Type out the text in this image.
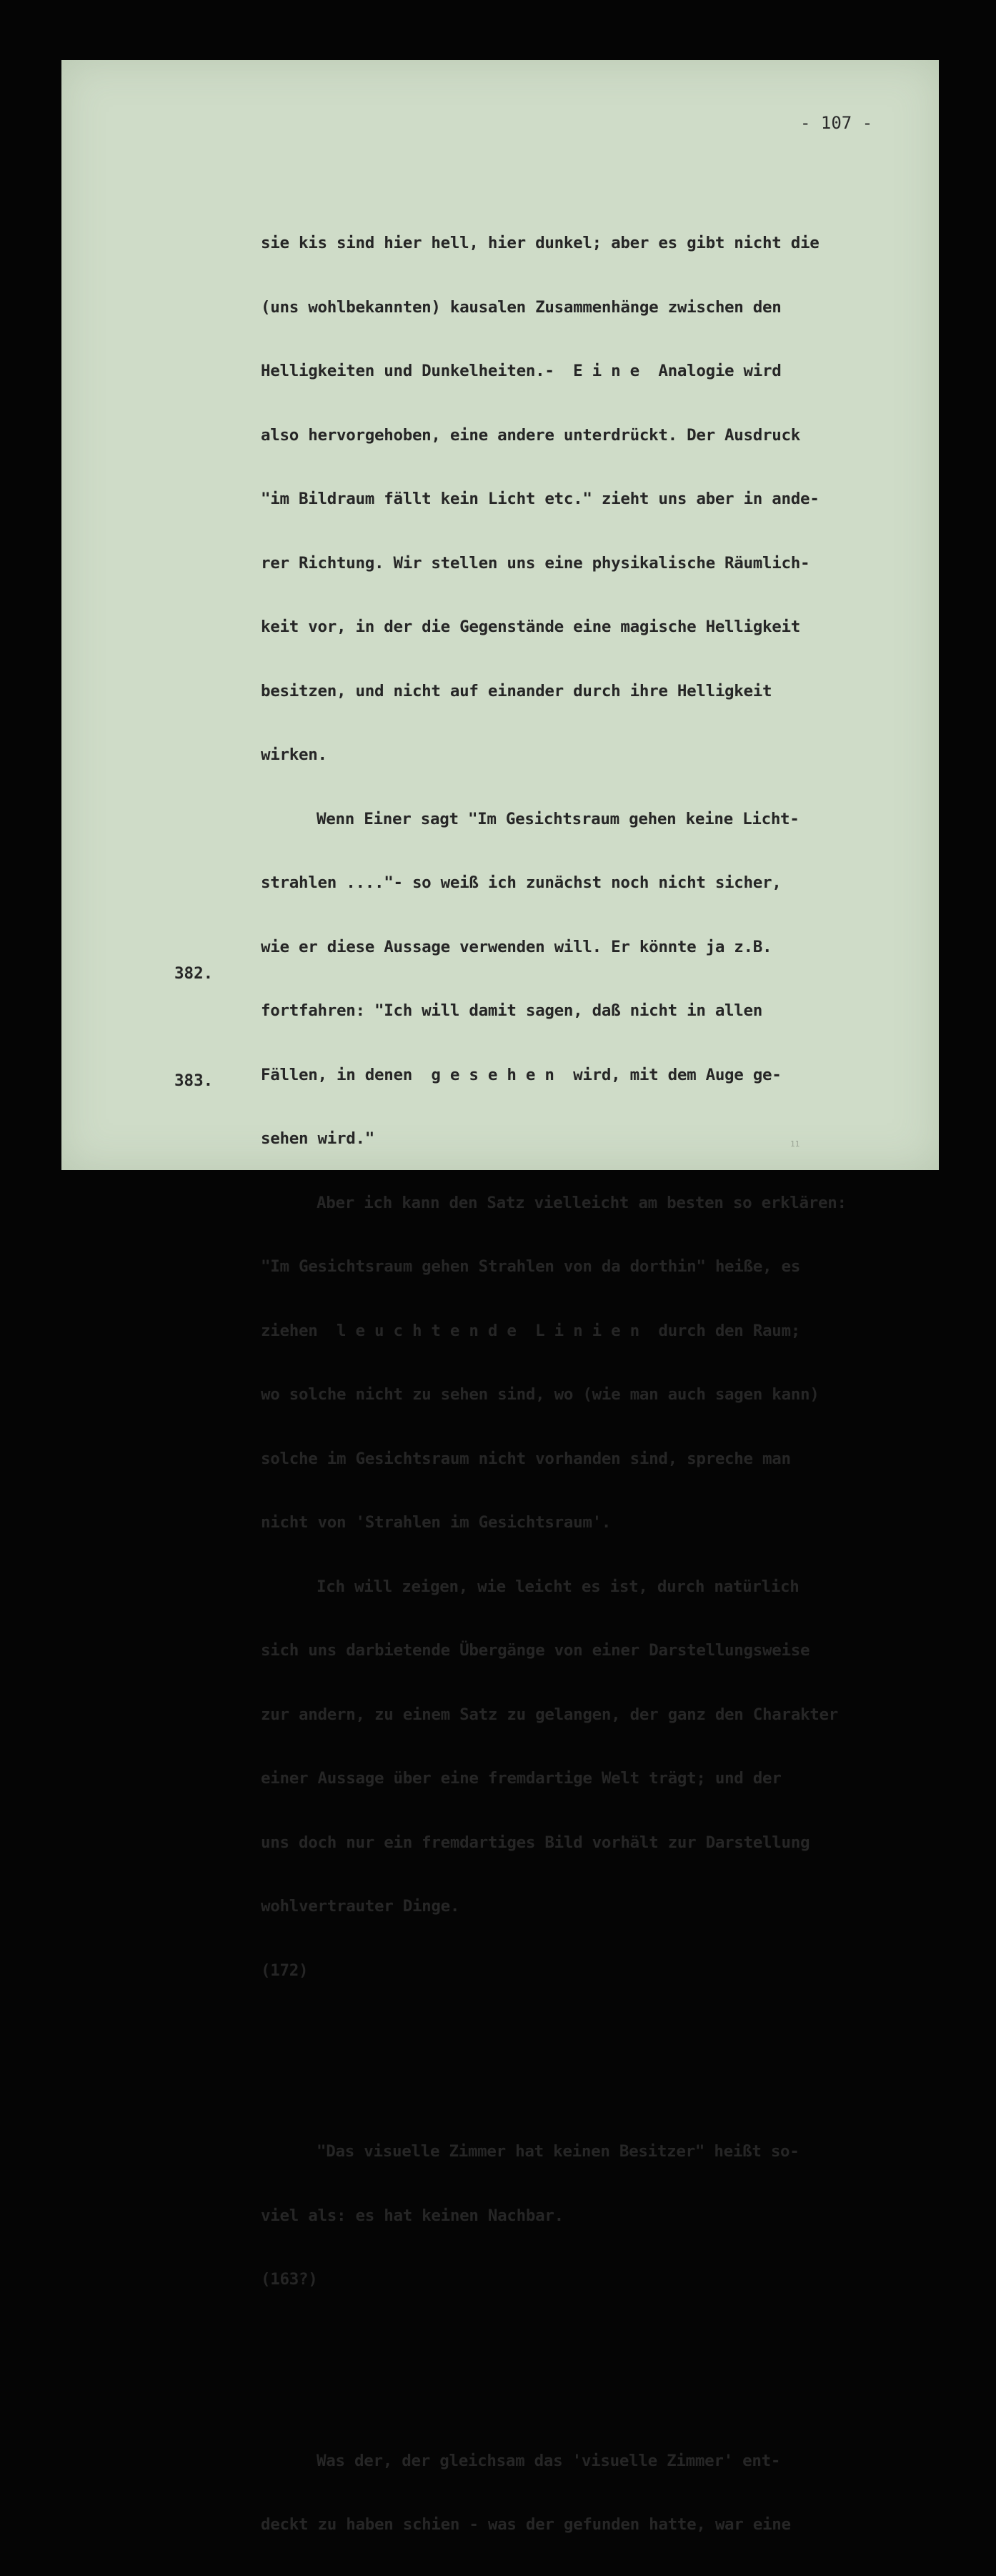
- 107 -

sie kis sind hier hell, hier dunkel; aber es gibt nicht die

(uns wohlbekannten) kausalen Zusammenhänge zwischen den

Helligkeiten und Dunkelheiten.-  E i n e  Analogie wird

also hervorgehoben, eine andere unterdrückt. Der Ausdruck

"im Bildraum fällt kein Licht etc." zieht uns aber in ande-

rer Richtung. Wir stellen uns eine physikalische Räumlich-

keit vor, in der die Gegenstände eine magische Helligkeit

besitzen, und nicht auf einander durch ihre Helligkeit

wirken.

Wenn Einer sagt "Im Gesichtsraum gehen keine Licht-

strahlen ...."- so weiß ich zunächst noch nicht sicher,

wie er diese Aussage verwenden will. Er könnte ja z.B.

fortfahren: "Ich will damit sagen, daß nicht in allen

Fällen, in denen  g e s e h e n  wird, mit dem Auge ge-

sehen wird."

Aber ich kann den Satz vielleicht am besten so erklären:

"Im Gesichtsraum gehen Strahlen von da dorthin" heiße, es

ziehen  l e u c h t e n d e  L i n i e n  durch den Raum;

wo solche nicht zu sehen sind, wo (wie man auch sagen kann)

solche im Gesichtsraum nicht vorhanden sind, spreche man

nicht von 'Strahlen im Gesichtsraum'.

Ich will zeigen, wie leicht es ist, durch natürlich

sich uns darbietende Übergänge von einer Darstellungsweise

zur andern, zu einem Satz zu gelangen, der ganz den Charakter

einer Aussage über eine fremdartige Welt trägt; und der

uns doch nur ein fremdartiges Bild vorhält zur Darstellung

wohlvertrauter Dinge.

(172)

"Das visuelle Zimmer hat keinen Besitzer" heißt so-

viel als: es hat keinen Nachbar.

(163?)

Was der, der gleichsam das 'visuelle Zimmer' ent-

deckt zu haben schien - was der gefunden hatte, war eine

382.
383.
11
